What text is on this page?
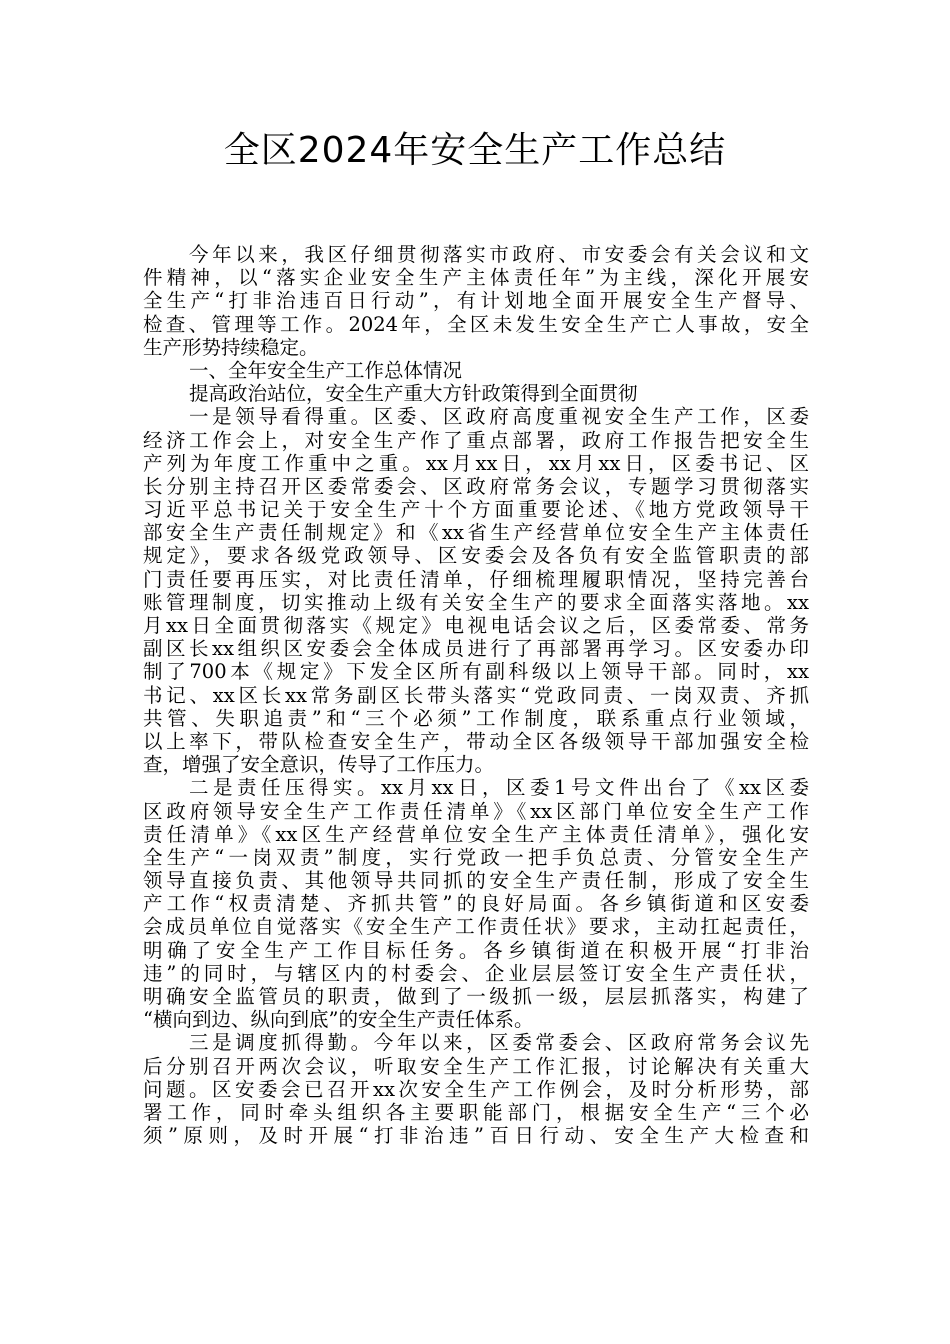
全区2024年安全生产工作总结
今年以来，我区仔细贯彻落实市政府、市安委会有关会议和文
件精神，以“落实企业安全生产主体责任年”为主线，深化开展安
全生产“打非治违百日行动”，有计划地全面开展安全生产督导、
检查、管理等工作。2024年，全区未发生安全生产亡人事故，安全
生产形势持续稳定。
一、全年安全生产工作总体情况
提高政治站位，安全生产重大方针政策得到全面贯彻
一是领导看得重。区委、区政府高度重视安全生产工作，区委
经济工作会上，对安全生产作了重点部署，政府工作报告把安全生
产列为年度工作重中之重。xx月xx日，xx月xx日，区委书记、区
长分别主持召开区委常委会、区政府常务会议，专题学习贯彻落实
习近平总书记关于安全生产十个方面重要论述、《地方党政领导干
部安全生产责任制规定》和《xx省生产经营单位安全生产主体责任
规定》，要求各级党政领导、区安委会及各负有安全监管职责的部
门责任要再压实，对比责任清单，仔细梳理履职情况，坚持完善台
账管理制度，切实推动上级有关安全生产的要求全面落实落地。xx
月xx日全面贯彻落实《规定》电视电话会议之后，区委常委、常务
副区长xx组织区安委会全体成员进行了再部署再学习。区安委办印
制了700本《规定》下发全区所有副科级以上领导干部。同时，xx
书记、xx区长xx常务副区长带头落实“党政同责、一岗双责、齐抓
共管、失职追责”和“三个必须”工作制度，联系重点行业领域，
以上率下，带队检查安全生产，带动全区各级领导干部加强安全检
查，增强了安全意识，传导了工作压力。
二是责任压得实。xx月xx日，区委1号文件出台了《xx区委
区政府领导安全生产工作责任清单》《xx区部门单位安全生产工作
责任清单》《xx区生产经营单位安全生产主体责任清单》，强化安
全生产“一岗双责”制度，实行党政一把手负总责、分管安全生产
领导直接负责、其他领导共同抓的安全生产责任制，形成了安全生
产工作“权责清楚、齐抓共管”的良好局面。各乡镇街道和区安委
会成员单位自觉落实《安全生产工作责任状》要求，主动扛起责任，
明确了安全生产工作目标任务。各乡镇街道在积极开展“打非治
违”的同时，与辖区内的村委会、企业层层签订安全生产责任状，
明确安全监管员的职责，做到了一级抓一级，层层抓落实，构建了
“横向到边、纵向到底”的安全生产责任体系。
三是调度抓得勤。今年以来，区委常委会、区政府常务会议先
后分别召开两次会议，听取安全生产工作汇报，讨论解决有关重大
问题。区安委会已召开xx次安全生产工作例会，及时分析形势，部
署工作，同时牵头组织各主要职能部门，根据安全生产“三个必
须”原则，及时开展“打非治违”百日行动、安全生产大检查和
